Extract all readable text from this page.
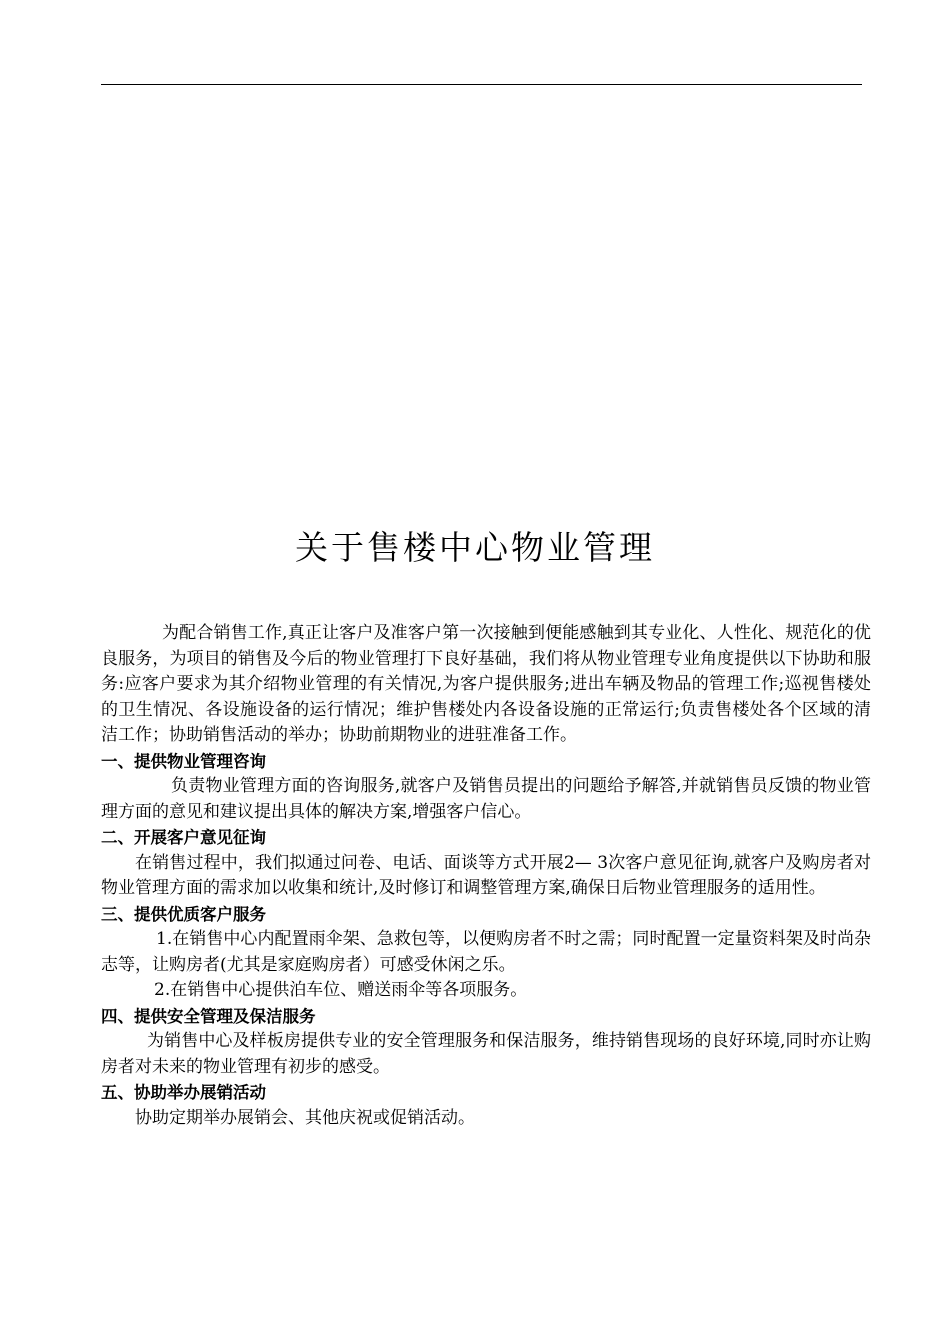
关于售楼中心物业管理

为配合销售工作,真正让客户及准客户第一次接触到便能感触到其专业化、人性化、规范化的优良服务，为项目的销售及今后的物业管理打下良好基础，我们将从物业管理专业角度提供以下协助和服务:应客户要求为其介绍物业管理的有关情况,为客户提供服务;进出车辆及物品的管理工作;巡视售楼处的卫生情况、各设施设备的运行情况；维护售楼处内各设备设施的正常运行;负责售楼处各个区域的清洁工作；协助销售活动的举办；协助前期物业的进驻准备工作。

一、提供物业管理咨询

负责物业管理方面的咨询服务,就客户及销售员提出的问题给予解答,并就销售员反馈的物业管理方面的意见和建议提出具体的解决方案,增强客户信心。

二、开展客户意见征询

在销售过程中，我们拟通过问卷、电话、面谈等方式开展2— 3次客户意见征询,就客户及购房者对物业管理方面的需求加以收集和统计,及时修订和调整管理方案,确保日后物业管理服务的适用性。

三、提供优质客户服务

1.在销售中心内配置雨伞架、急救包等，以便购房者不时之需；同时配置一定量资料架及时尚杂志等，让购房者(尤其是家庭购房者）可感受休闲之乐。

2.在销售中心提供泊车位、赠送雨伞等各项服务。

四、提供安全管理及保洁服务

为销售中心及样板房提供专业的安全管理服务和保洁服务，维持销售现场的良好环境,同时亦让购房者对未来的物业管理有初步的感受。

五、协助举办展销活动

协助定期举办展销会、其他庆祝或促销活动。
